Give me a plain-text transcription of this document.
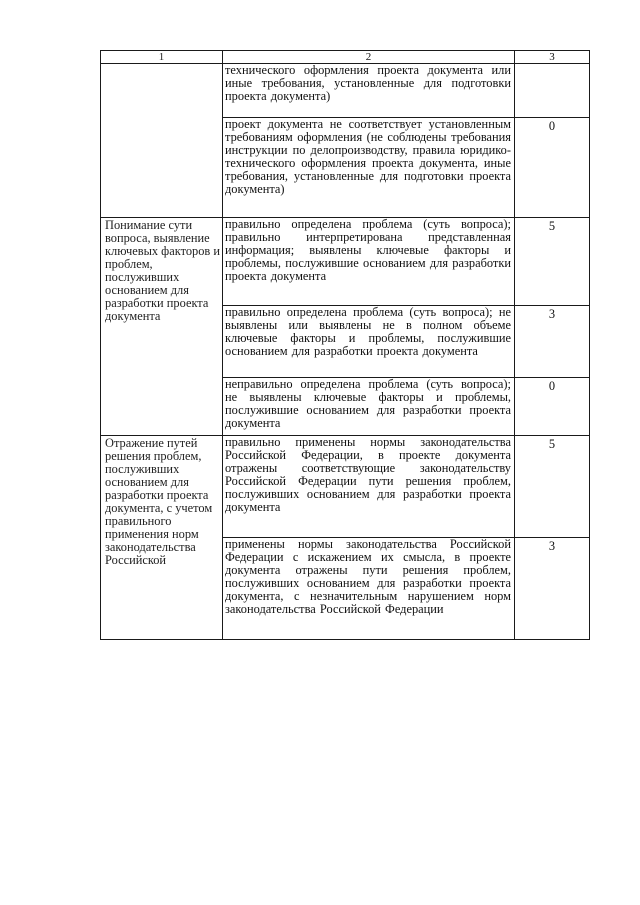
1	2	3

	технического оформления проекта документа или иные требования, установленные для подготовки проекта документа)	

	проект документа не соответствует установленным требованиям оформления (не соблюдены требования инструкции по делопроизводству, правила юридико-технического оформления проекта документа, иные требования, установленные для подготовки проекта документа)	0
Понимание сути вопроса, выявление ключевых факторов и проблем, послуживших основанием для разработки проекта документа	правильно определена проблема (суть вопроса); правильно интерпретирована представленная информация; выявлены ключевые факторы и проблемы, послужившие основанием для разработки проекта документа	5

	правильно определена проблема (суть вопроса); не выявлены или выявлены не в полном объеме ключевые факторы и проблемы, послужившие основанием для разработки проекта документа	3

	неправильно определена проблема (суть вопроса); не выявлены ключевые факторы и проблемы, послужившие основанием для разработки проекта документа	0
Отражение путей решения проблем, послуживших основанием для разработки проекта документа, с учетом правильного применения норм законодательства Российской	правильно применены нормы законодательства Российской Федерации, в проекте документа отражены соответствующие законодательству Российской Федерации пути решения проблем, послуживших основанием для разработки проекта документа	5

	применены нормы законодательства Российской Федерации с искажением их смысла, в проекте документа отражены пути решения проблем, послуживших основанием для разработки проекта документа, с незначительным нарушением норм законодательства Российской Федерации	3
